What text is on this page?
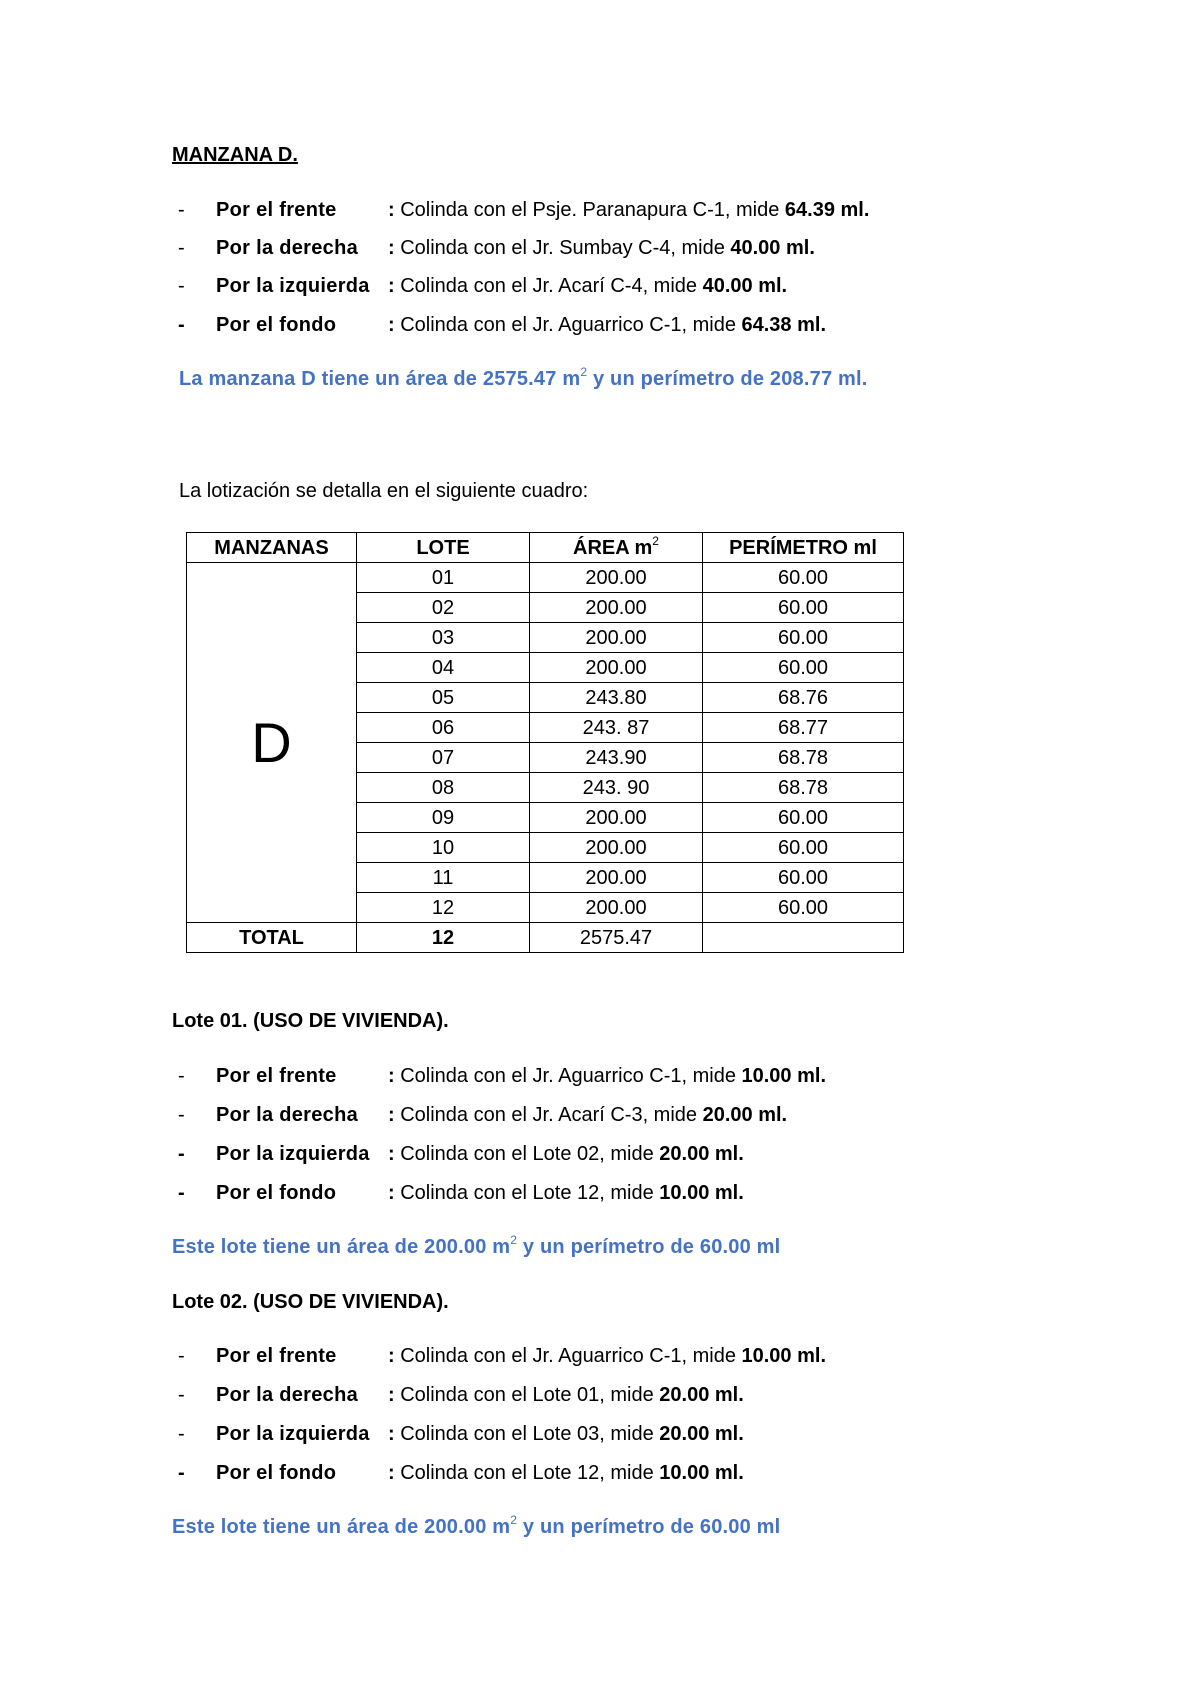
MANZANA D.
- Por el frente	: Colinda con el Psje. Paranapura C-1, mide 64.39 ml.
- Por la derecha : Colinda con el Jr. Sumbay C-4, mide 40.00 ml.
- Por la izquierda : Colinda con el Jr. Acarí C-4, mide 40.00 ml.
- Por el fondo	: Colinda con el Jr. Aguarrico C-1, mide 64.38 ml.
La manzana D tiene un área de 2575.47 $m^2$ y un perímetro de 208.77 ml.
La lotización se detalla en el siguiente cuadro:
MANZANAS	LOTE	ÁREA $m^2$	PERÍMETRO ml
D	01	200.00	60.00
	02	200.00	60.00
	03	200.00	60.00
	04	200.00	60.00
	05	243.80	68.76
	06	243. 87	68.77
	07	243.90	68.78
	08	243. 90	68.78
	09	200.00	60.00
	10	200.00	60.00
	11	200.00	60.00
	12	200.00	60.00
TOTAL	12	2575.47	
Lote 01. (USO DE VIVIENDA).
- Por el frente	: Colinda con el Jr. Aguarrico C-1, mide 10.00 ml.
- Por la derecha : Colinda con el Jr. Acarí C-3, mide 20.00 ml.
- Por la izquierda : Colinda con el Lote 02, mide 20.00 ml.
- Por el fondo	: Colinda con el Lote 12, mide 10.00 ml.
Este lote tiene un área de 200.00 $m^2$ y un perímetro de 60.00 ml
Lote 02. (USO DE VIVIENDA).
- Por el frente	: Colinda con el Jr. Aguarrico C-1, mide 10.00 ml.
- Por la derecha : Colinda con el Lote 01, mide 20.00 ml.
- Por la izquierda : Colinda con el Lote 03, mide 20.00 ml.
- Por el fondo	: Colinda con el Lote 12, mide 10.00 ml.
Este lote tiene un área de 200.00 $m^2$ y un perímetro de 60.00 ml
